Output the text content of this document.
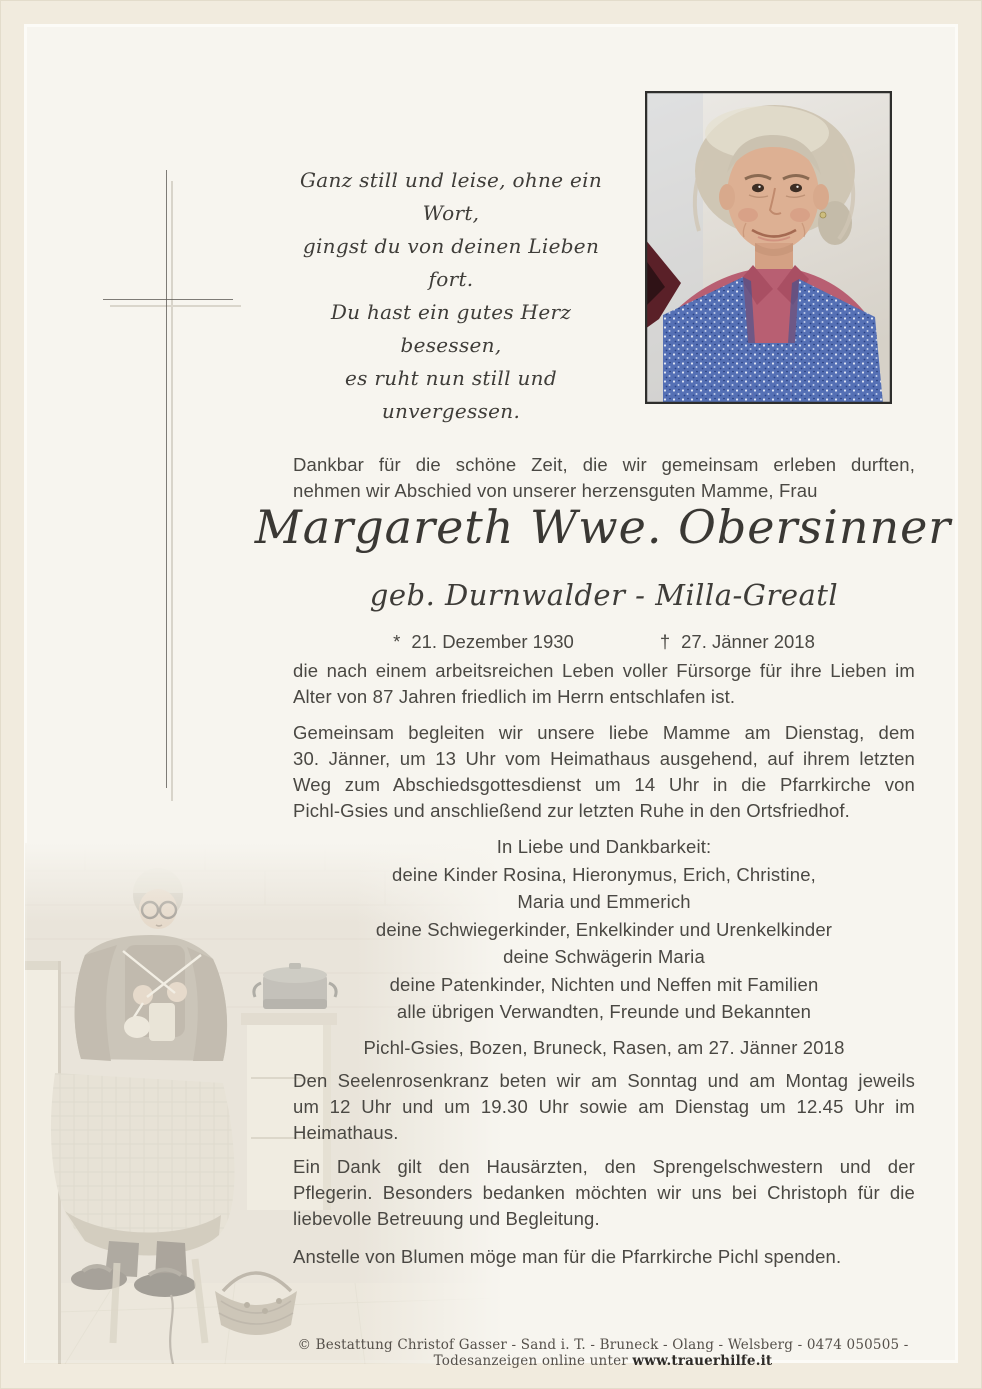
Ganz still und leise, ohne ein Wort,
gingst du von deinen Lieben fort.
Du hast ein gutes Herz besessen,
es ruht nun still und unvergessen.
Dankbar für die schöne Zeit, die wir gemeinsam erleben durften,
nehmen wir Abschied von unserer herzensguten Mamme, Frau
Margareth Wwe. Obersinner
geb. Durnwalder - Milla-Greatl
* 21. Dezember 1930	† 27. Jänner 2018
die nach einem arbeitsreichen Leben voller Fürsorge für ihre Lieben im
Alter von 87 Jahren friedlich im Herrn entschlafen ist.
Gemeinsam begleiten wir unsere liebe Mamme am Dienstag, dem
30. Jänner, um 13 Uhr vom Heimathaus ausgehend, auf ihrem letzten
Weg zum Abschiedsgottesdienst um 14 Uhr in die Pfarrkirche von
Pichl-Gsies und anschließend zur letzten Ruhe in den Ortsfriedhof.
In Liebe und Dankbarkeit:
deine Kinder Rosina, Hieronymus, Erich, Christine,
Maria und Emmerich
deine Schwiegerkinder, Enkelkinder und Urenkelkinder
deine Schwägerin Maria
deine Patenkinder, Nichten und Neffen mit Familien
alle übrigen Verwandten, Freunde und Bekannten
Pichl-Gsies, Bozen, Bruneck, Rasen, am 27. Jänner 2018
Den Seelenrosenkranz beten wir am Sonntag und am Montag jeweils
um 12 Uhr und um 19.30 Uhr sowie am Dienstag um 12.45 Uhr im
Heimathaus.
Ein Dank gilt den Hausärzten, den Sprengelschwestern und der
Pflegerin. Besonders bedanken möchten wir uns bei Christoph für die
liebevolle Betreuung und Begleitung.
Anstelle von Blumen möge man für die Pfarrkirche Pichl spenden.
© Bestattung Christof Gasser - Sand i. T. - Bruneck - Olang - Welsberg - 0474 050505 - Todesanzeigen online unter www.trauerhilfe.it
